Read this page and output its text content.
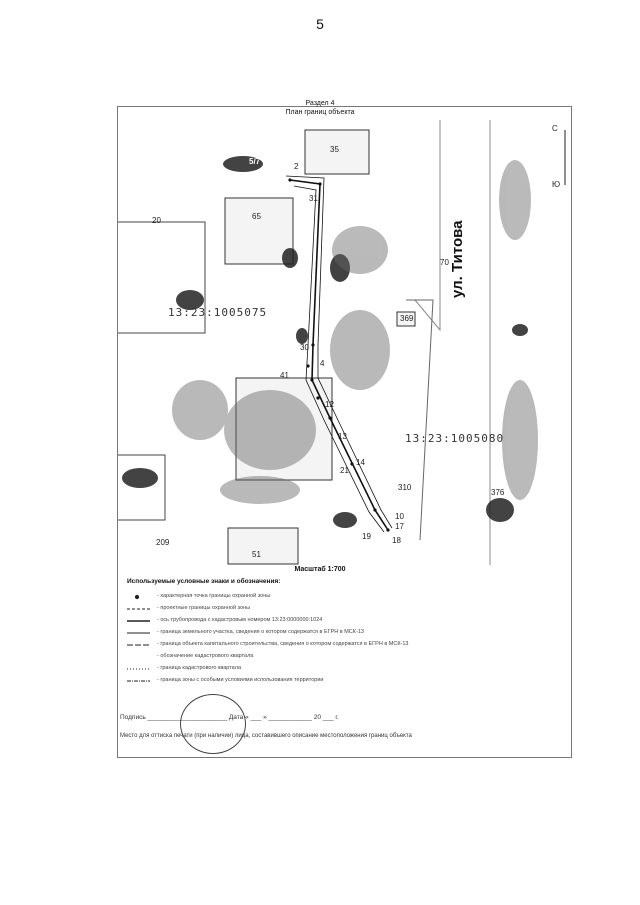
5
Раздел 4
План границ объекта
35
65
20
70
369
41
310
376
209
51
5/7
2
31
30
4
12
13
14
21
10
17
18
19
13:23:1005075
13:23:1005080
ул. Титова
С
Ю
Масштаб 1:700
Используемые условные знаки и обозначения:
- характерная точка границы охранной зоны
- проектные границы охранной зоны
- ось трубопровода с кадастровым номером 13:23:0000000:1024
- граница земельного участка, сведения о котором содержатся в ЕГРН в МСК-13
- граница объекта капитального строительства, сведения о котором содержатся в ЕГРН в МСК-13
- обозначение кадастрового квартала
- граница кадастрового квартала
- граница зоны с особыми условиями использования территории
Подпись ______________________ Дата « ___ » ____________ 20 ___ г.
Место для оттиска печати (при наличии) лица, составившего описание местоположения границ объекта
